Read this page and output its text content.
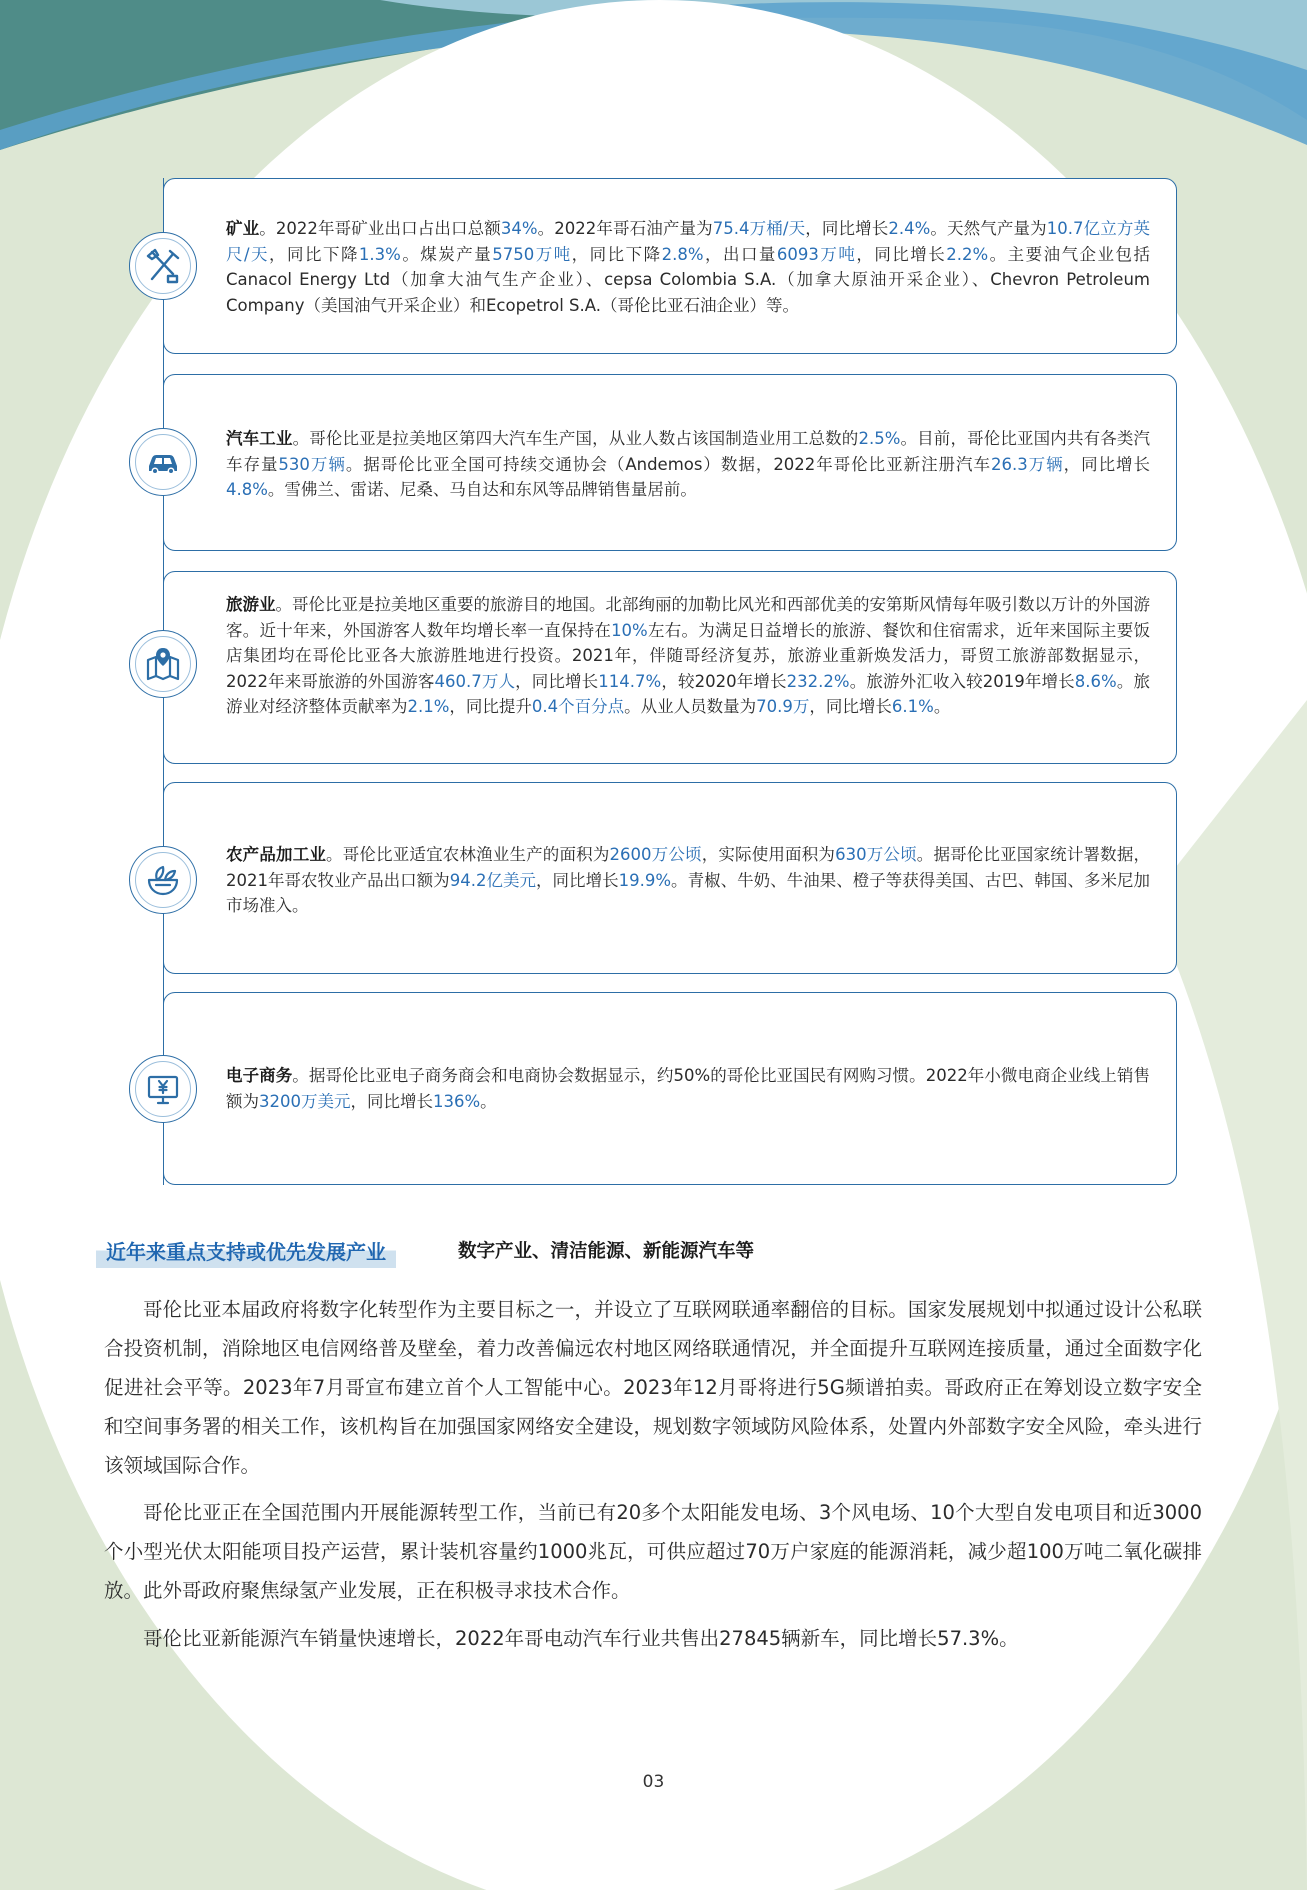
矿业。2022年哥矿业出口占出口总额34%。2022年哥石油产量为75.4万桶/天，同比增长2.4%。天然气产量为10.7亿立方英尺/天，同比下降1.3%。煤炭产量5750万吨，同比下降2.8%，出口量6093万吨，同比增长2.2%。主要油气企业包括Canacol Energy Ltd（加拿大油气生产企业）、cepsa Colombia S.A.（加拿大原油开采企业）、Chevron Petroleum Company（美国油气开采企业）和Ecopetrol S.A.（哥伦比亚石油企业）等。
汽车工业。哥伦比亚是拉美地区第四大汽车生产国，从业人数占该国制造业用工总数的2.5%。目前，哥伦比亚国内共有各类汽车存量530万辆。据哥伦比亚全国可持续交通协会（Andemos）数据，2022年哥伦比亚新注册汽车26.3万辆，同比增长4.8%。雪佛兰、雷诺、尼桑、马自达和东风等品牌销售量居前。
旅游业。哥伦比亚是拉美地区重要的旅游目的地国。北部绚丽的加勒比风光和西部优美的安第斯风情每年吸引数以万计的外国游客。近十年来，外国游客人数年均增长率一直保持在10%左右。为满足日益增长的旅游、餐饮和住宿需求，近年来国际主要饭店集团均在哥伦比亚各大旅游胜地进行投资。2021年，伴随哥经济复苏，旅游业重新焕发活力，哥贸工旅游部数据显示，2022年来哥旅游的外国游客460.7万人，同比增长114.7%，较2020年增长232.2%。旅游外汇收入较2019年增长8.6%。旅游业对经济整体贡献率为2.1%，同比提升0.4个百分点。从业人员数量为70.9万，同比增长6.1%。
农产品加工业。哥伦比亚适宜农林渔业生产的面积为2600万公顷，实际使用面积为630万公顷。据哥伦比亚国家统计署数据，2021年哥农牧业产品出口额为94.2亿美元，同比增长19.9%。青椒、牛奶、牛油果、橙子等获得美国、古巴、韩国、多米尼加市场准入。
电子商务。据哥伦比亚电子商务商会和电商协会数据显示，约50%的哥伦比亚国民有网购习惯。2022年小微电商企业线上销售额为3200万美元，同比增长136%。
近年来重点支持或优先发展产业	数字产业、清洁能源、新能源汽车等

哥伦比亚本届政府将数字化转型作为主要目标之一，并设立了互联网联通率翻倍的目标。国家发展规划中拟通过设计公私联合投资机制，消除地区电信网络普及壁垒，着力改善偏远农村地区网络联通情况，并全面提升互联网连接质量，通过全面数字化促进社会平等。2023年7月哥宣布建立首个人工智能中心。2023年12月哥将进行5G频谱拍卖。哥政府正在筹划设立数字安全和空间事务署的相关工作，该机构旨在加强国家网络安全建设，规划数字领域防风险体系，处置内外部数字安全风险，牵头进行该领域国际合作。

哥伦比亚正在全国范围内开展能源转型工作，当前已有20多个太阳能发电场、3个风电场、10个大型自发电项目和近3000个小型光伏太阳能项目投产运营，累计装机容量约1000兆瓦，可供应超过70万户家庭的能源消耗，减少超100万吨二氧化碳排放。此外哥政府聚焦绿氢产业发展，正在积极寻求技术合作。

哥伦比亚新能源汽车销量快速增长，2022年哥电动汽车行业共售出27845辆新车，同比增长57.3%。

03
